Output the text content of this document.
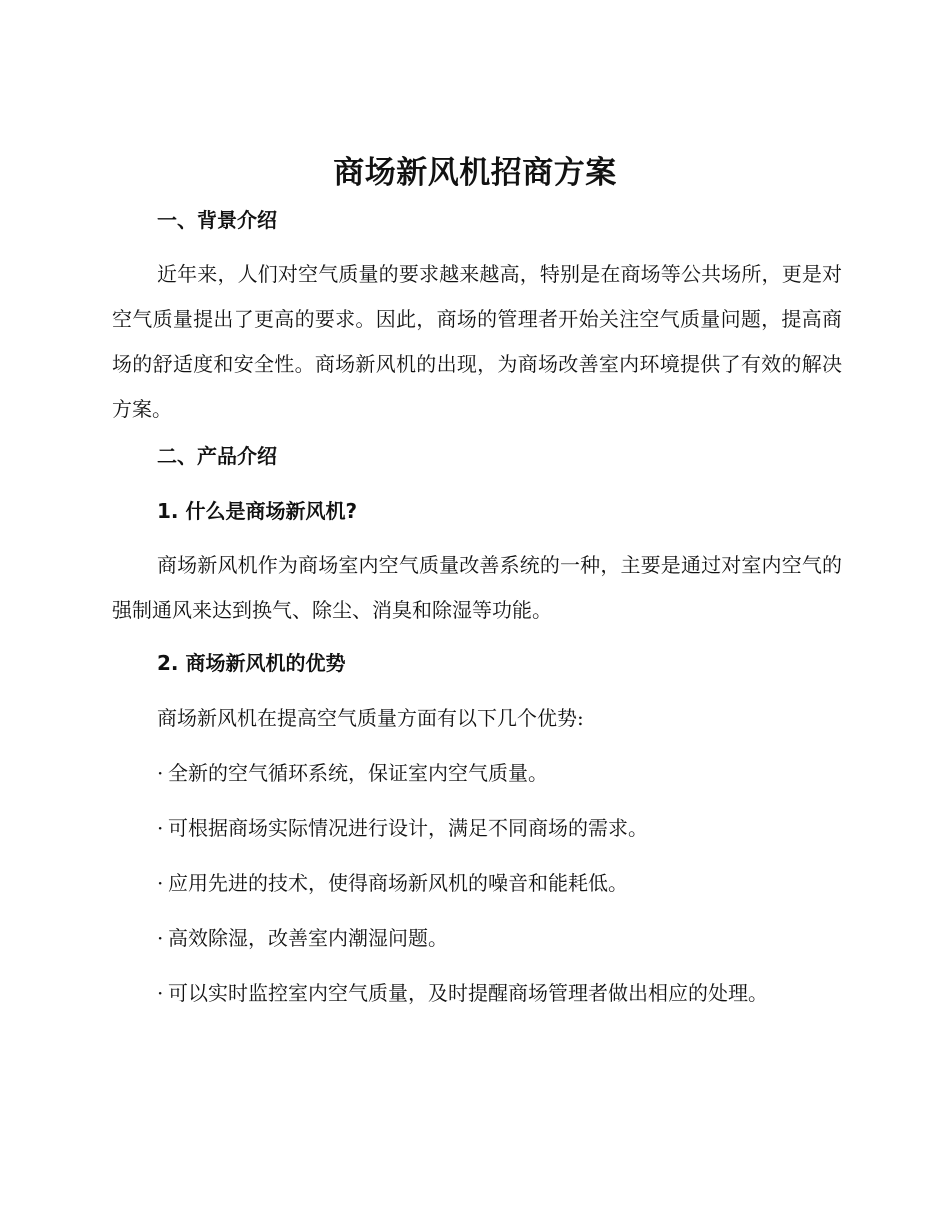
商场新风机招商方案
一、背景介绍

近年来，人们对空气质量的要求越来越高，特别是在商场等公共场所，更是对空气质量提出了更高的要求。因此，商场的管理者开始关注空气质量问题，提高商场的舒适度和安全性。商场新风机的出现，为商场改善室内环境提供了有效的解决方案。

二、产品介绍
1. 什么是商场新风机?

商场新风机作为商场室内空气质量改善系统的一种，主要是通过对室内空气的强制通风来达到换气、除尘、消臭和除湿等功能。

2. 商场新风机的优势
商场新风机在提高空气质量方面有以下几个优势:
· 全新的空气循环系统，保证室内空气质量。
· 可根据商场实际情况进行设计，满足不同商场的需求。
· 应用先进的技术，使得商场新风机的噪音和能耗低。
· 高效除湿，改善室内潮湿问题。
· 可以实时监控室内空气质量，及时提醒商场管理者做出相应的处理。
